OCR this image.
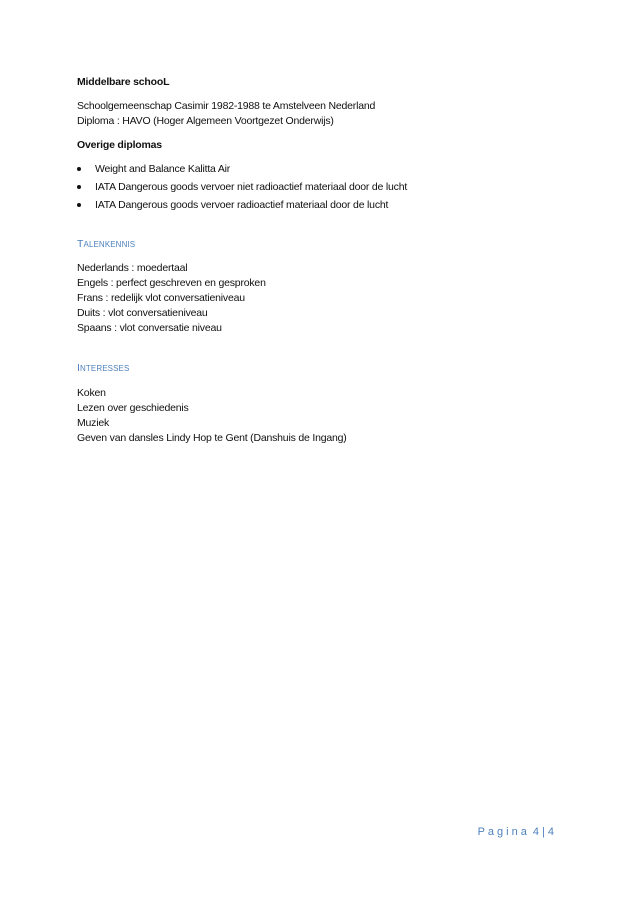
Middelbare schooL
Schoolgemeenschap Casimir 1982-1988 te Amstelveen Nederland
Diploma : HAVO (Hoger Algemeen Voortgezet Onderwijs)
Overige diplomas
Weight and Balance Kalitta Air
IATA Dangerous goods vervoer niet radioactief materiaal door de lucht
IATA Dangerous goods vervoer radioactief materiaal door de lucht
TALENKENNIS
Nederlands : moedertaal
Engels : perfect geschreven en gesproken
Frans : redelijk vlot conversatieniveau
Duits : vlot conversatieniveau
Spaans : vlot conversatie niveau
INTERESSES
Koken
Lezen over geschiedenis
Muziek
Geven van dansles Lindy Hop te Gent (Danshuis de Ingang)
Pagina 4 | 4
